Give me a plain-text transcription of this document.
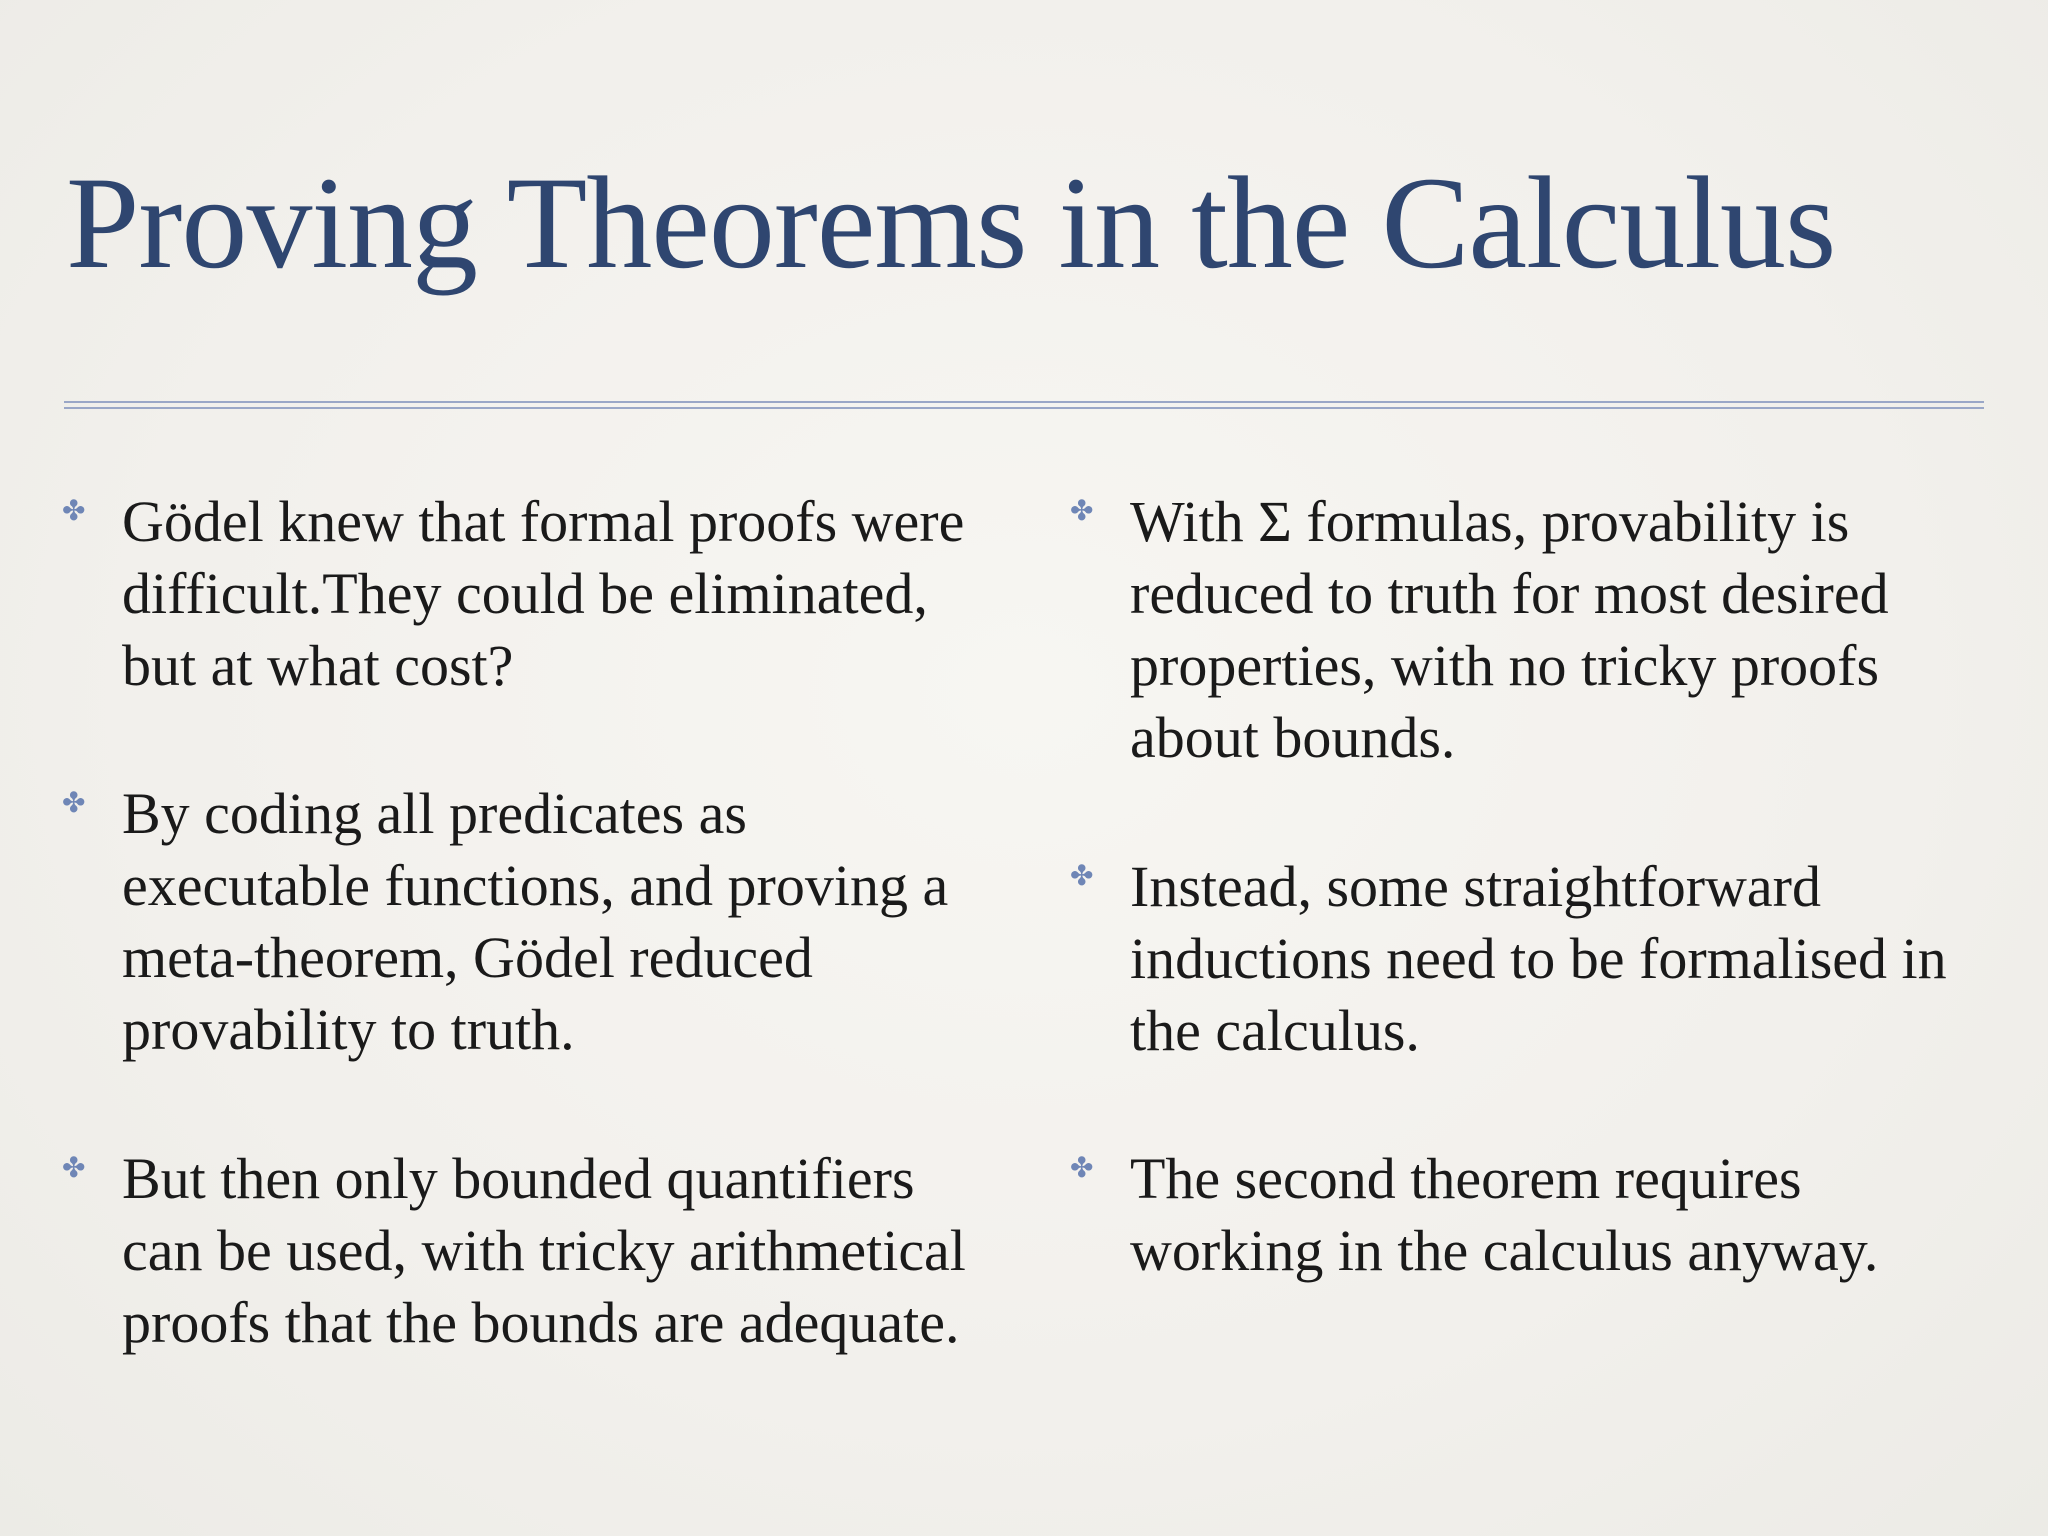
Proving Theorems in the Calculus
✤ Gödel knew that formal proofs were difficult.They could be eliminated, but at what cost?

✤ By coding all predicates as executable functions, and proving a meta-theorem, Gödel reduced provability to truth.

✤ But then only bounded quantifiers can be used, with tricky arithmetical proofs that the bounds are adequate.

✤ With Σ formulas, provability is reduced to truth for most desired properties, with no tricky proofs about bounds.

✤ Instead, some straightforward inductions need to be formalised in the calculus.

✤ The second theorem requires working in the calculus anyway.
